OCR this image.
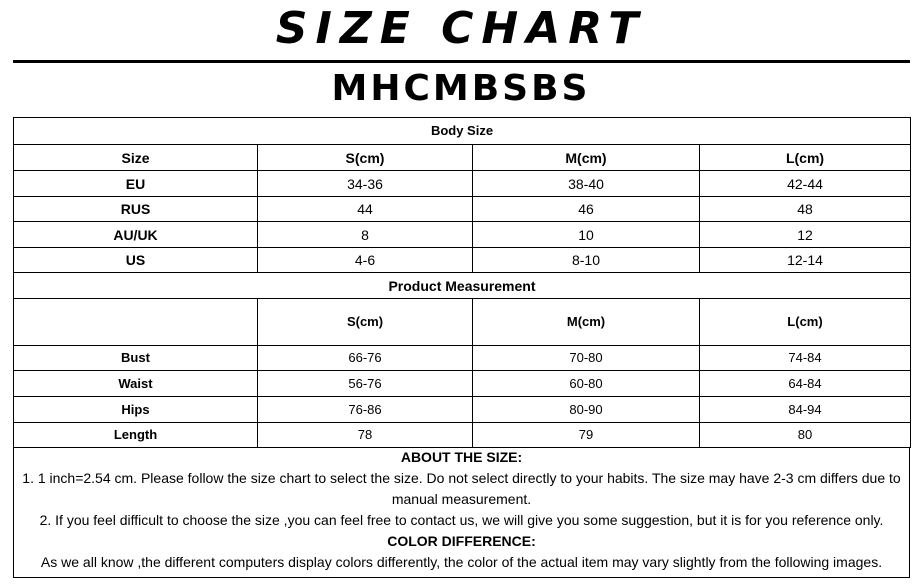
SIZE CHART
MHCMBSBS
Body Size			
Size	S(cm)	M(cm)	L(cm)
EU	34-36	38-40	42-44
RUS	44	46	48
AU/UK	8	10	12
US	4-6	8-10	12-14
Product Measurement			
	S(cm)	M(cm)	L(cm)
Bust	66-76	70-80	74-84
Waist	56-76	60-80	64-84
Hips	76-86	80-90	84-94
Length	78	79	80
ABOUT THE SIZE:
1. 1 inch=2.54 cm. Please follow the size chart to select the size. Do not select directly to your habits. The size may have 2-3 cm differs due to
manual measurement.
2. If you feel difficult to choose the size ,you can feel free to contact us, we will give you some suggestion, but it is for you reference only.
COLOR DIFFERENCE:
As we all know ,the different computers display colors differently, the color of the actual item may vary slightly from the following images.
